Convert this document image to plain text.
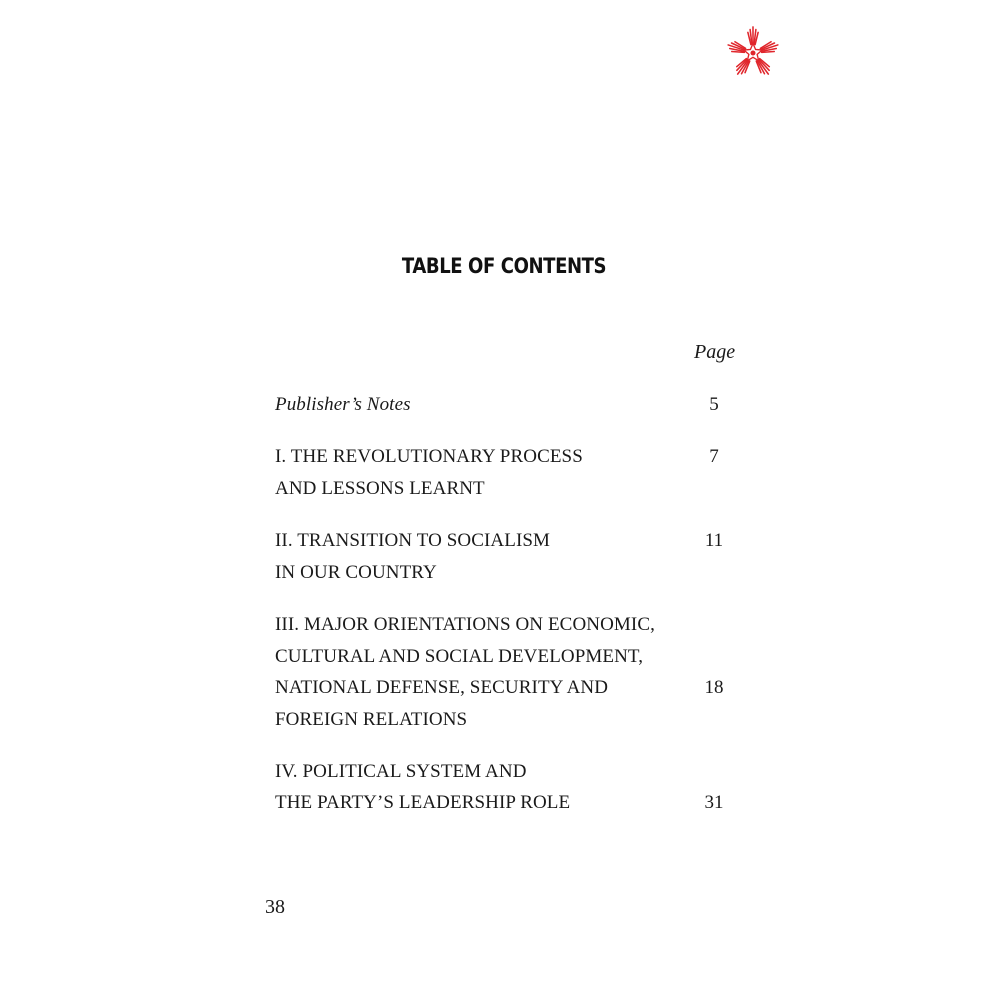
TABLE OF CONTENTS
Page
Publisher’s Notes	5
I. THE REVOLUTIONARY PROCESS
AND LESSONS LEARNT
7
II. TRANSITION TO SOCIALISM
IN OUR COUNTRY
11
III. MAJOR ORIENTATIONS ON ECONOMIC,
CULTURAL AND SOCIAL DEVELOPMENT,
NATIONAL DEFENSE, SECURITY AND
FOREIGN RELATIONS
18
IV. POLITICAL SYSTEM AND
THE PARTY’S LEADERSHIP ROLE	31
38
